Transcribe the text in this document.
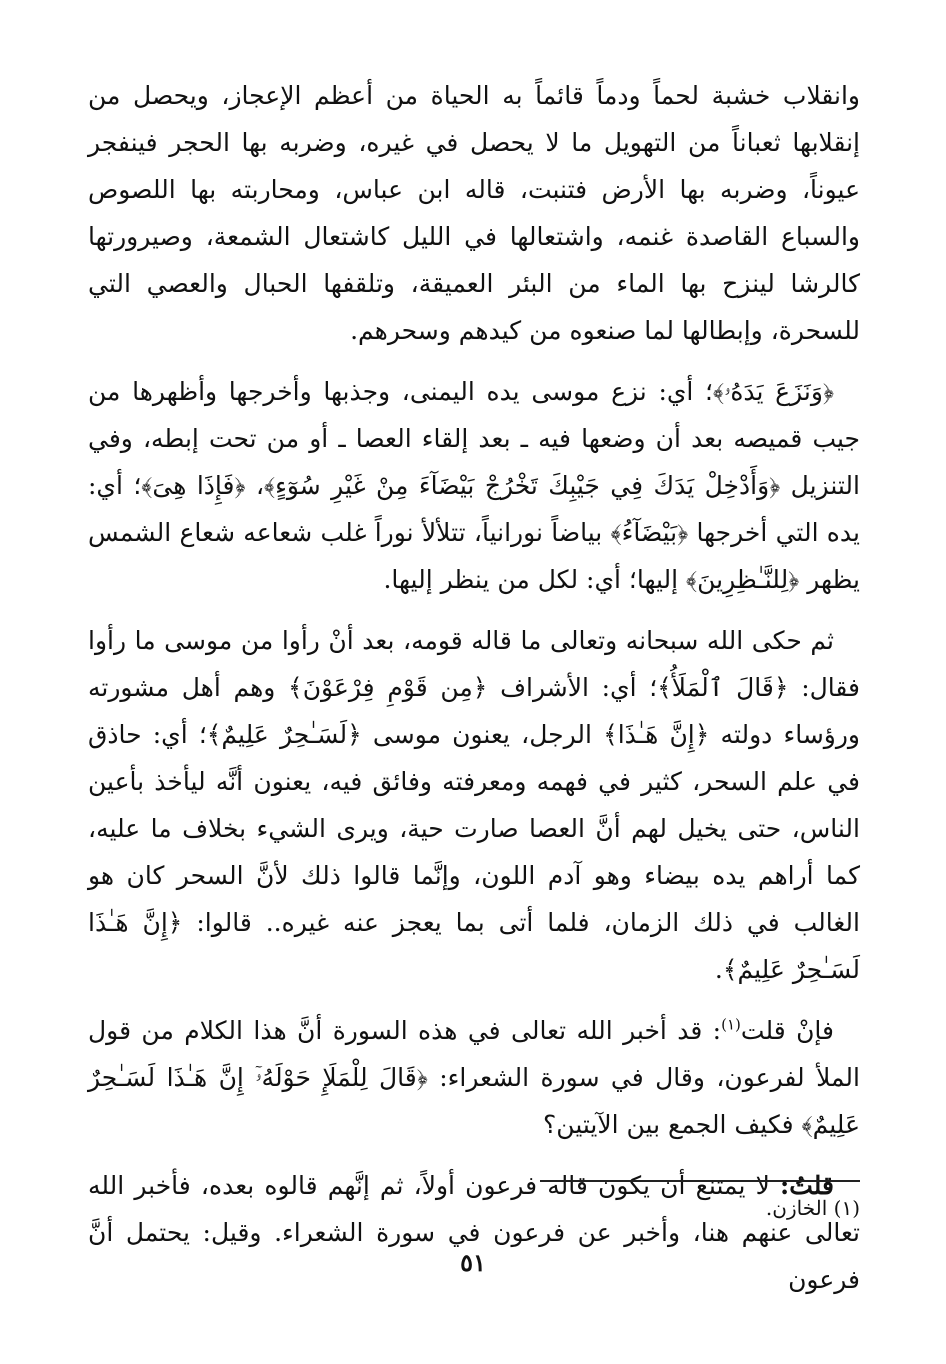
وانقلاب خشبة لحماً ودماً قائماً به الحياة من أعظم الإعجاز، ويحصل من إنقلابها ثعباناً من التهويل ما لا يحصل في غيره، وضربه بها الحجر فينفجر عيوناً، وضربه بها الأرض فتنبت، قاله ابن عباس، ومحاربته بها اللصوص والسباع القاصدة غنمه، واشتعالها في الليل كاشتعال الشمعة، وصيرورتها كالرشا لينزح بها الماء من البئر العميقة، وتلقفها الحبال والعصي التي للسحرة، وإبطالها لما صنعوه من كيدهم وسحرهم.

﴿وَنَزَعَ يَدَهُۥ﴾؛ أي: نزع موسى يده اليمنى، وجذبها وأخرجها وأظهرها من جيب قميصه بعد أن وضعها فيه ـ بعد إلقاء العصا ـ أو من تحت إبطه، وفي التنزيل ﴿وَأَدْخِلْ يَدَكَ فِي جَيْبِكَ تَخْرُجْ بَيْضَآءَ مِنْ غَيْرِ سُوٓءٍ﴾، ﴿فَإِذَا هِىَ﴾؛ أي: يده التي أخرجها ﴿بَيْضَآءُ﴾ بياضاً نورانياً، تتلألأ نوراً غلب شعاعه شعاع الشمس يظهر ﴿لِلنَّـٰظِرِينَ﴾ إليها؛ أي: لكل من ينظر إليها.

ثم حكى الله سبحانه وتعالى ما قاله قومه، بعد أنْ رأوا من موسى ما رأوا فقال: ﴿قَالَ ٱلْمَلَأُ﴾؛ أي: الأشراف ﴿مِن قَوْمِ فِرْعَوْنَ﴾ وهم أهل مشورته ورؤساء دولته ﴿إِنَّ هَـٰذَا﴾ الرجل، يعنون موسى ﴿لَسَـٰحِرٌ عَلِيمٌ﴾؛ أي: حاذق في علم السحر، كثير في فهمه ومعرفته وفائق فيه، يعنون أنَّه ليأخذ بأعين الناس، حتى يخيل لهم أنَّ العصا صارت حية، ويرى الشيء بخلاف ما عليه، كما أراهم يده بيضاء وهو آدم اللون، وإنَّما قالوا ذلك لأنَّ السحر كان هو الغالب في ذلك الزمان، فلما أتى بما يعجز عنه غيره.. قالوا: ﴿إِنَّ هَـٰذَا لَسَـٰحِرٌ عَلِيمٌ﴾.

فإنْ قلت$^{(١)}$: قد أخبر الله تعالى في هذه السورة أنَّ هذا الكلام من قول الملأ لفرعون، وقال في سورة الشعراء: ﴿قَالَ لِلْمَلَإِ حَوْلَهُۥٓ إِنَّ هَـٰذَا لَسَـٰحِرٌ عَلِيمٌ﴾ فكيف الجمع بين الآيتين؟

قلتُ: لا يمتنع أن يكون قاله فرعون أولاً، ثم إنَّهم قالوه بعده، فأخبر الله تعالى عنهم هنا، وأخبر عن فرعون في سورة الشعراء. وقيل: يحتمل أنَّ فرعون

(١) الخازن.
٥١
